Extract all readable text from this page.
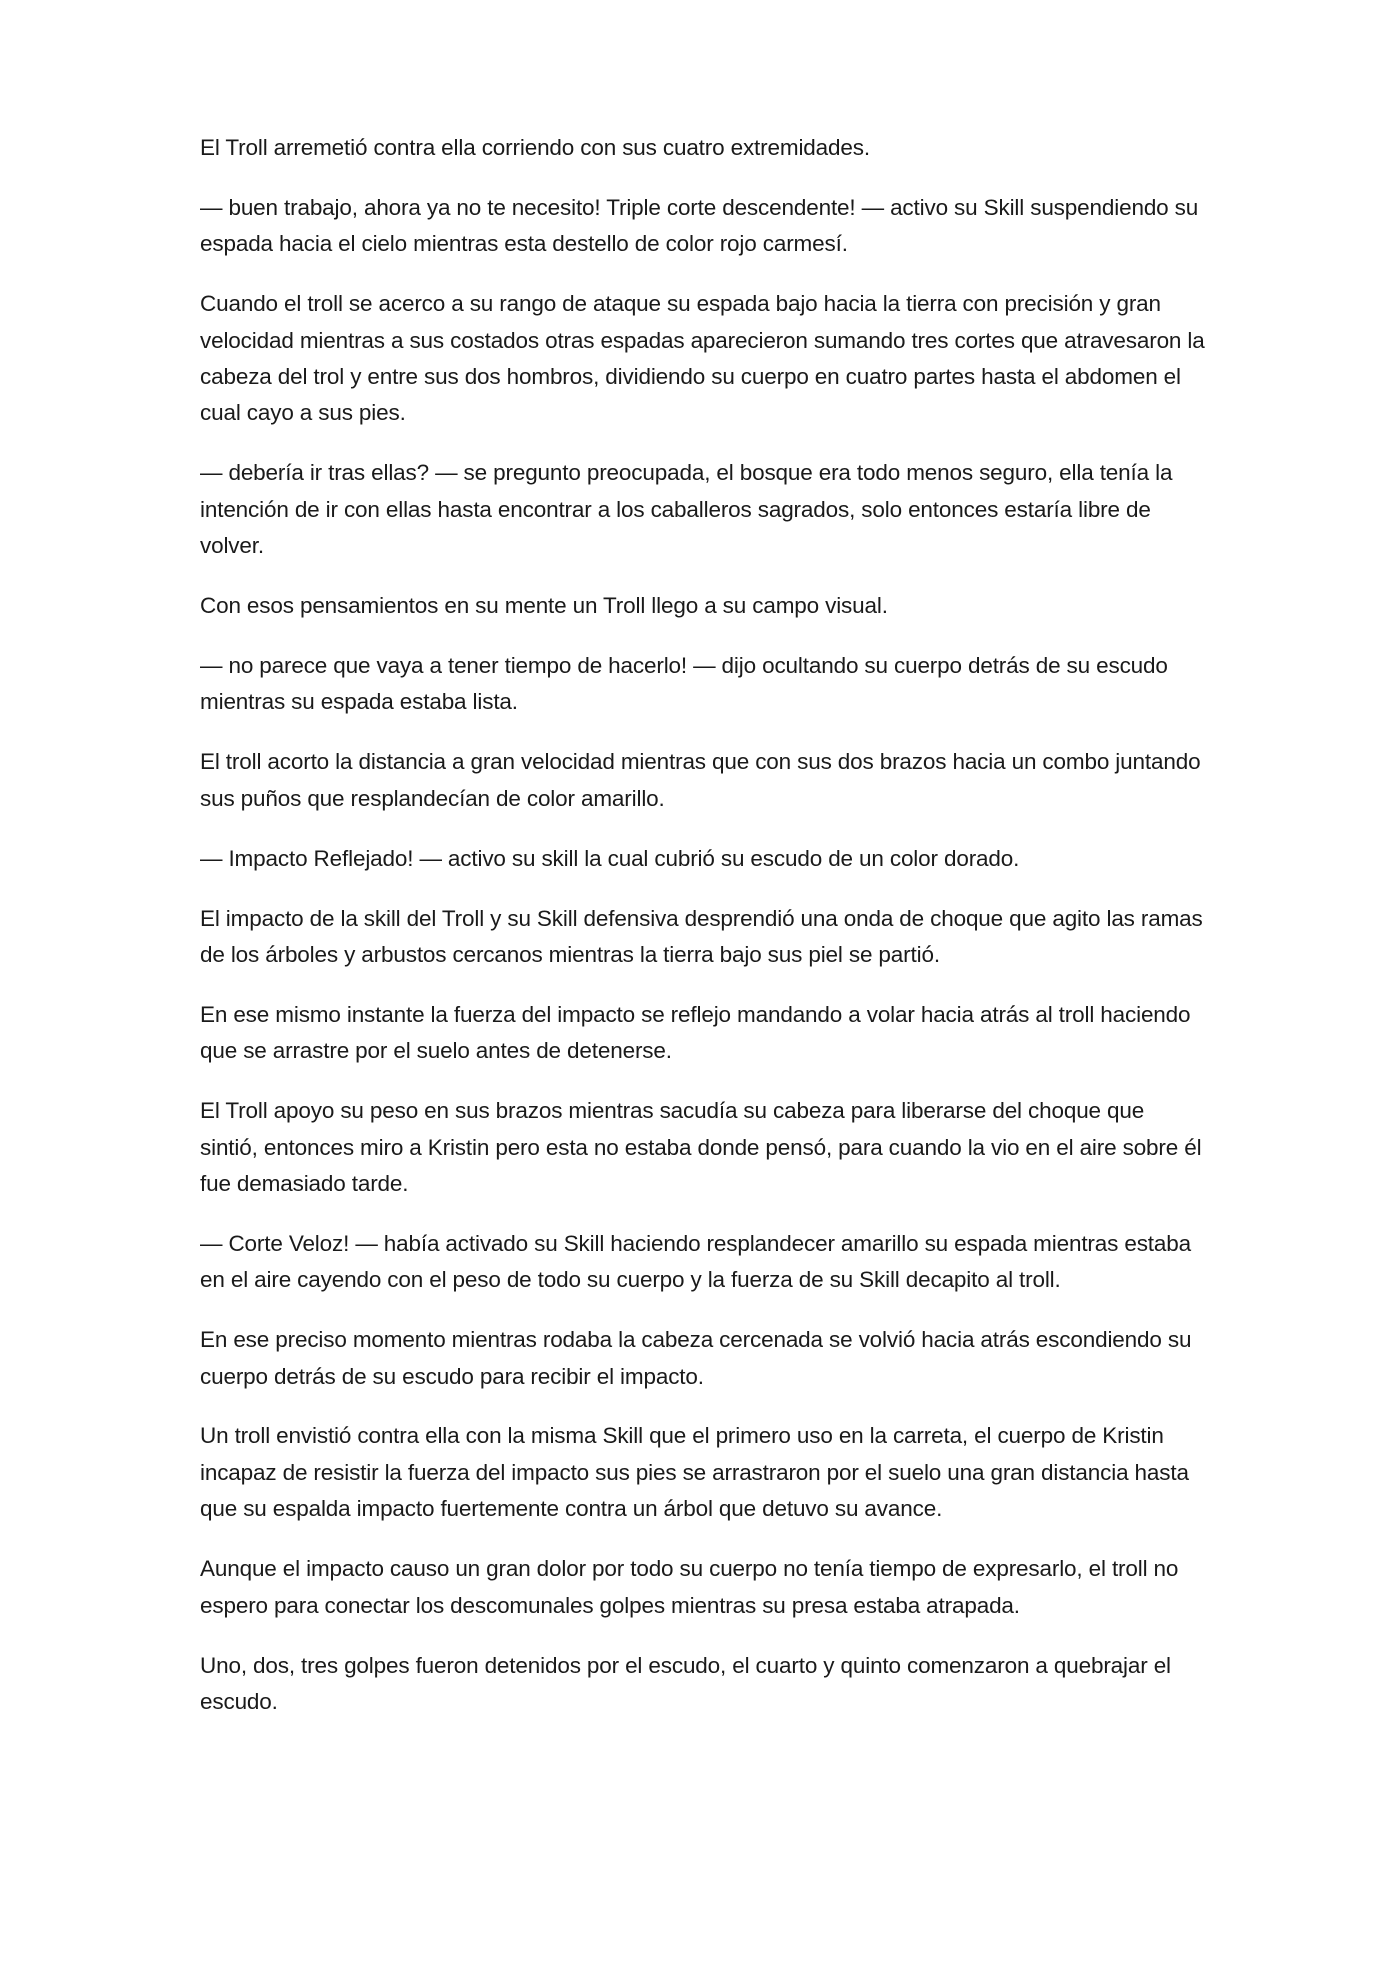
El Troll arremetió contra ella corriendo con sus cuatro extremidades.

— buen trabajo, ahora ya no te necesito! Triple corte descendente! — activo su Skill suspendiendo su espada hacia el cielo mientras esta destello de color rojo carmesí.

Cuando el troll se acerco a su rango de ataque su espada bajo hacia la tierra con precisión y gran velocidad mientras a sus costados otras espadas aparecieron sumando tres cortes que atravesaron la cabeza del trol y entre sus dos hombros, dividiendo su cuerpo en cuatro partes hasta el abdomen el cual cayo a sus pies.

— debería ir tras ellas? — se pregunto preocupada, el bosque era todo menos seguro, ella tenía la intención de ir con ellas hasta encontrar a los caballeros sagrados, solo entonces estaría libre de volver.

Con esos pensamientos en su mente un Troll llego a su campo visual.

— no parece que vaya a tener tiempo de hacerlo! — dijo ocultando su cuerpo detrás de su escudo mientras su espada estaba lista.

El troll acorto la distancia a gran velocidad mientras que con sus dos brazos hacia un combo juntando sus puños que resplandecían de color amarillo.

— Impacto Reflejado! — activo su skill la cual cubrió su escudo de un color dorado.

El impacto de la skill del Troll y su Skill defensiva desprendió una onda de choque que agito las ramas de los árboles y arbustos cercanos mientras la tierra bajo sus piel se partió.

En ese mismo instante la fuerza del impacto se reflejo mandando a volar hacia atrás al troll haciendo que se arrastre por el suelo antes de detenerse.

El Troll apoyo su peso en sus brazos mientras sacudía su cabeza para liberarse del choque que sintió, entonces miro a Kristin pero esta no estaba donde pensó, para cuando la vio en el aire sobre él fue demasiado tarde.

— Corte Veloz! — había activado su Skill haciendo resplandecer amarillo su espada mientras estaba en el aire cayendo con el peso de todo su cuerpo y la fuerza de su Skill decapito al troll.

En ese preciso momento mientras rodaba la cabeza cercenada se volvió hacia atrás escondiendo su cuerpo detrás de su escudo para recibir el impacto.

Un troll envistió contra ella con la misma Skill que el primero uso en la carreta, el cuerpo de Kristin incapaz de resistir la fuerza del impacto sus pies se arrastraron por el suelo una gran distancia hasta que su espalda impacto fuertemente contra un árbol que detuvo su avance.

Aunque el impacto causo un gran dolor por todo su cuerpo no tenía tiempo de expresarlo, el troll no espero para conectar los descomunales golpes mientras su presa estaba atrapada.

Uno, dos, tres golpes fueron detenidos por el escudo, el cuarto y quinto comenzaron a quebrajar el escudo.
